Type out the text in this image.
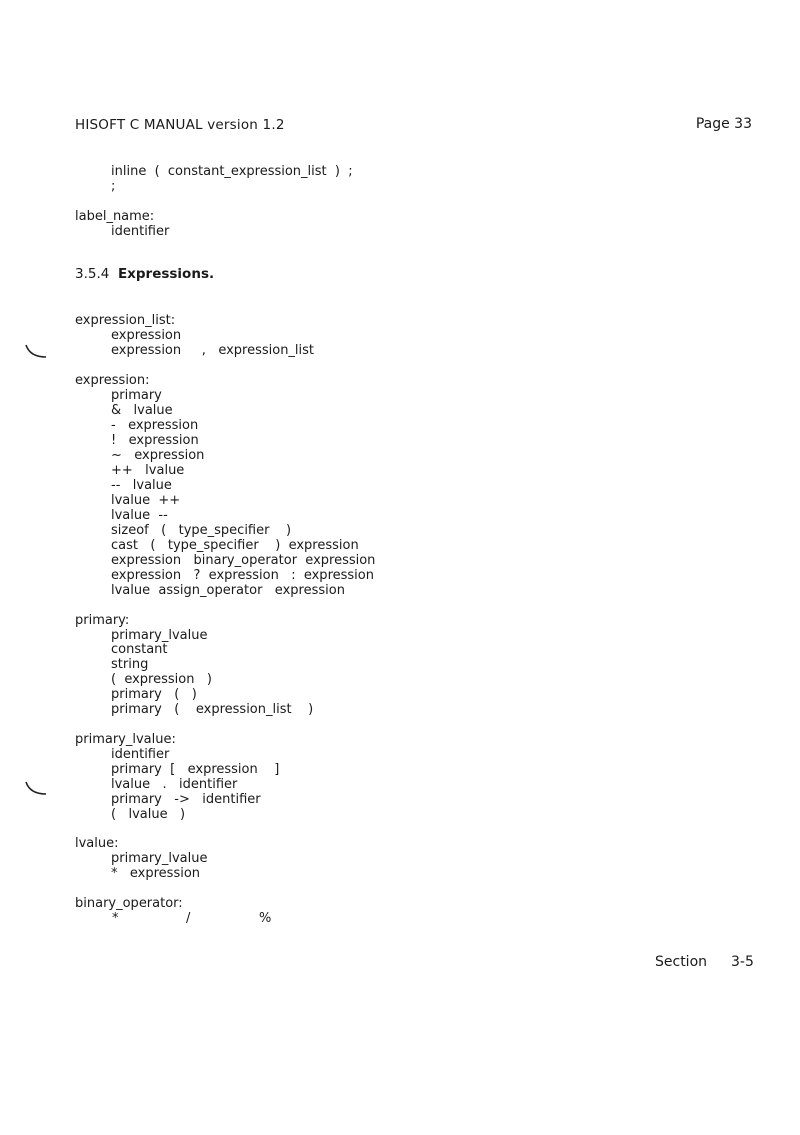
HISOFT C MANUAL version 1.2	Page 33
inline  (  constant_expression_list  )  ;
;
label_name:
identifier
3.5.4 Expressions.
expression_list:
expression
expression     ,   expression_list
expression:
primary
&   lvalue
-   expression
!   expression
~   expression
++   lvalue
--   lvalue
lvalue  ++
lvalue  --
sizeof   (   type_specifier    )
cast   (   type_specifier    )  expression
expression   binary_operator  expression
expression   ?  expression   :  expression
lvalue  assign_operator   expression
primary:
primary_lvalue
constant
string
(  expression   )
primary   (   )
primary   (    expression_list    )
primary_lvalue:
identifier
primary  [   expression    ]
lvalue   .   identifier
primary   ->   identifier
(   lvalue   )
lvalue:
primary_lvalue
*   expression
binary_operator:
*	/	%
Section 3-5
